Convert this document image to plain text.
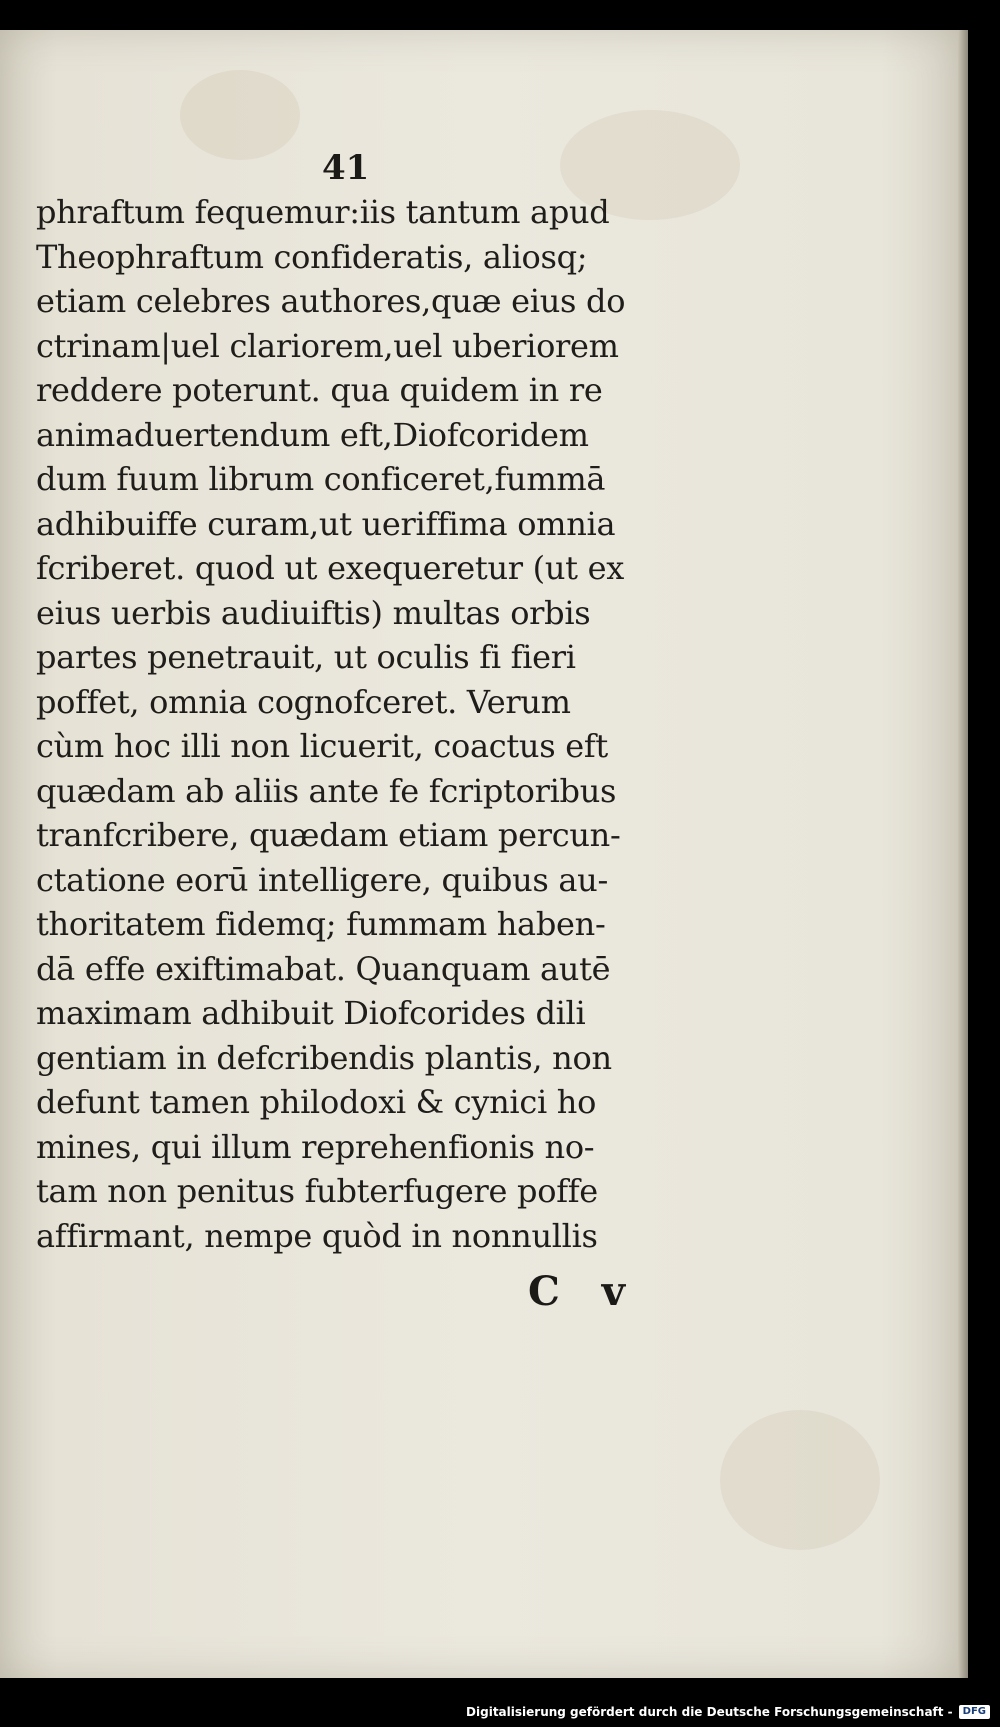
41
phraftum fequemur:iis tantum apud
Theophraftum confideratis, aliosq;
etiam celebres authores,quæ eius do
ctrinam|uel clariorem,uel uberiorem
reddere poterunt. qua quidem in re
animaduertendum eft,Diofcoridem
dum fuum librum conficeret,fummā
adhibuiffe curam,ut ueriffima omnia
fcriberet. quod ut exequeretur (ut ex
eius uerbis audiuiftis) multas orbis
partes penetrauit, ut oculis fi fieri
poffet, omnia cognofceret. Verum
cùm hoc illi non licuerit, coactus eft
quædam ab aliis ante fe fcriptoribus
tranfcribere, quædam etiam percun-
ctatione eorū intelligere, quibus au-
thoritatem fidemq; fummam haben-
dā effe exiftimabat. Quanquam autē
maximam adhibuit Diofcorides dili
gentiam in defcribendis plantis, non
defunt tamen philodoxi & cynici ho
mines, qui illum reprehenfionis no-
tam non penitus fubterfugere poffe
affirmant, nempe quòd in nonnullis
C v
Digitalisierung gefördert durch die Deutsche Forschungsgemeinschaft -	DFG
